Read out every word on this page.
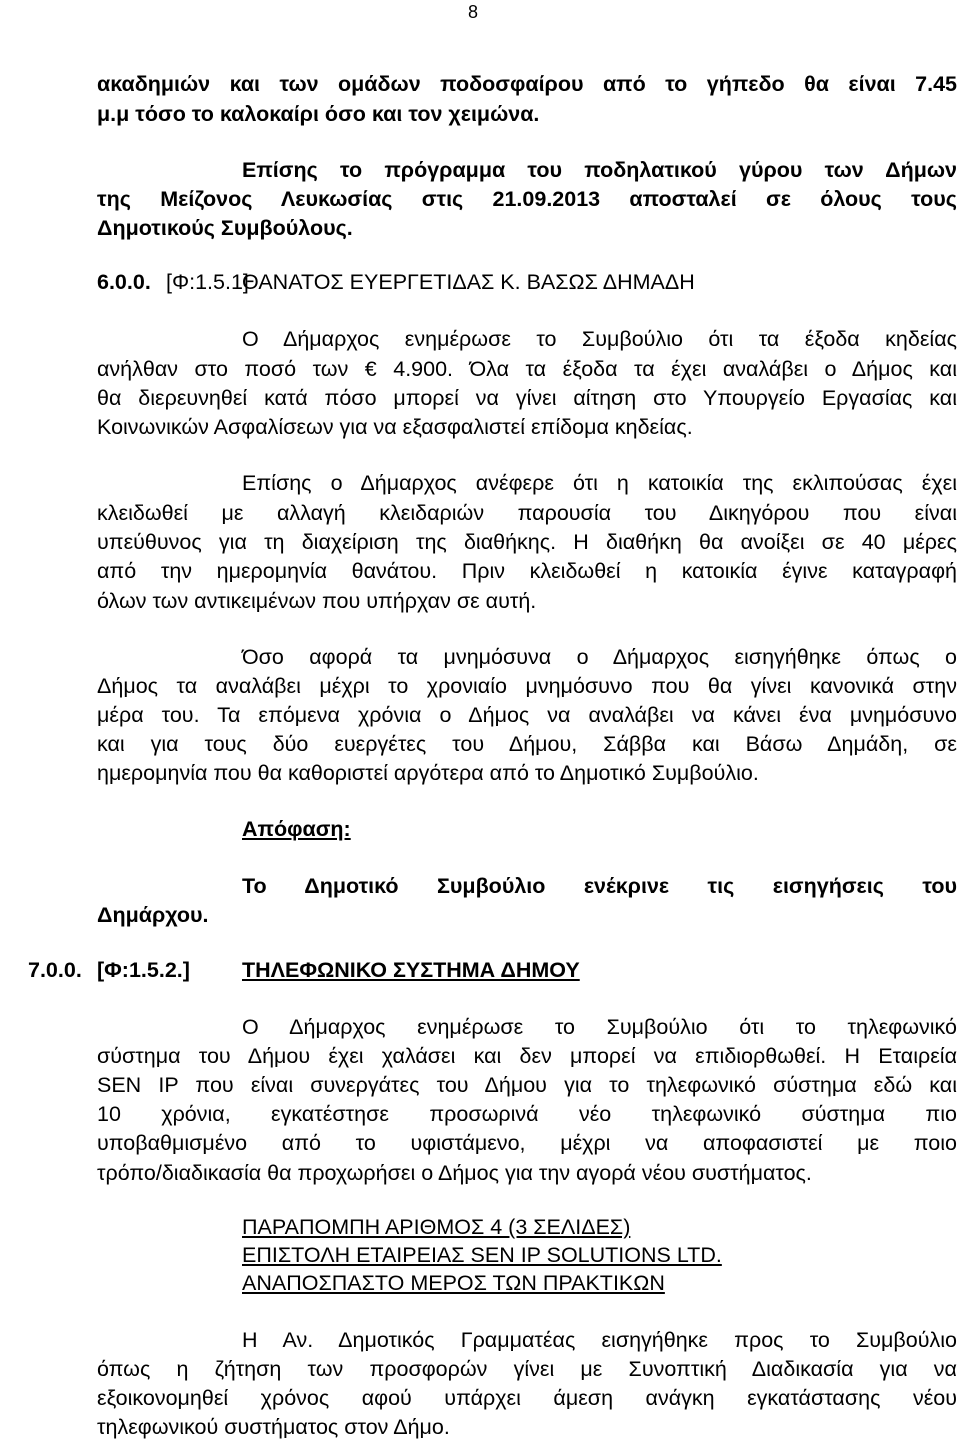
8
ακαδημιών και των ομάδων ποδοσφαίρου από το γήπεδο θα είναι 7.45
μ.μ τόσο το καλοκαίρι όσο και τον χειμώνα.
Επίσης το πρόγραμμα του ποδηλατικού γύρου των Δήμων
της Μείζονος Λευκωσίας στις 21.09.2013 αποσταλεί σε όλους τους
Δημοτικούς Συμβούλους.
6.0.0. [Φ:1.5.1]
ΘΑΝΑΤΟΣ ΕΥΕΡΓΕΤΙΔΑΣ Κ. ΒΑΣΩΣ ΔΗΜΑΔΗ
Ο Δήμαρχος ενημέρωσε το Συμβούλιο ότι τα έξοδα κηδείας
ανήλθαν στο ποσό των € 4.900. Όλα τα έξοδα τα έχει αναλάβει ο Δήμος και
θα διερευνηθεί κατά πόσο μπορεί να γίνει αίτηση στο Υπουργείο Εργασίας και
Κοινωνικών Ασφαλίσεων για να εξασφαλιστεί επίδομα κηδείας.
Επίσης ο Δήμαρχος ανέφερε ότι η κατοικία της εκλιπούσας έχει
κλειδωθεί με αλλαγή κλειδαριών παρουσία του Δικηγόρου που είναι
υπεύθυνος για τη διαχείριση της διαθήκης. Η διαθήκη θα ανοίξει σε 40 μέρες
από την ημερομηνία θανάτου. Πριν κλειδωθεί η κατοικία έγινε καταγραφή
όλων των αντικειμένων που υπήρχαν σε αυτή.
Όσο αφορά τα μνημόσυνα ο Δήμαρχος εισηγήθηκε όπως ο
Δήμος τα αναλάβει μέχρι το χρονιαίο μνημόσυνο που θα γίνει κανονικά στην
μέρα του. Τα επόμενα χρόνια ο Δήμος να αναλάβει να κάνει ένα μνημόσυνο
και για τους δύο ευεργέτες του Δήμου, Σάββα και Βάσω Δημάδη, σε
ημερομηνία που θα καθοριστεί αργότερα από το Δημοτικό Συμβούλιο.
Απόφαση:
Το Δημοτικό Συμβούλιο ενέκρινε τις εισηγήσεις του
Δημάρχου.
7.0.0. [Φ:1.5.2.] ΤΗΛΕΦΩΝΙΚΟ ΣΥΣΤΗΜΑ ΔΗΜΟΥ
Ο Δήμαρχος ενημέρωσε το Συμβούλιο ότι το τηλεφωνικό
σύστημα του Δήμου έχει χαλάσει και δεν μπορεί να επιδιορθωθεί. Η Εταιρεία
SEN IP που είναι συνεργάτες του Δήμου για το τηλεφωνικό σύστημα εδώ και
10 χρόνια, εγκατέστησε προσωρινά νέο τηλεφωνικό σύστημα πιο
υποβαθμισμένο από το υφιστάμενο, μέχρι να αποφασιστεί με ποιο
τρόπο/διαδικασία θα προχωρήσει ο Δήμος για την αγορά νέου συστήματος.
ΠΑΡΑΠΟΜΠΗ ΑΡΙΘΜΟΣ 4 (3 ΣΕΛΙΔΕΣ)
ΕΠΙΣΤΟΛΗ ΕΤΑΙΡΕΙΑΣ SEN IP SOLUTIONS LTD.
ΑΝΑΠΟΣΠΑΣΤΟ ΜΕΡΟΣ ΤΩΝ ΠΡΑΚΤΙΚΩΝ
Η Αν. Δημοτικός Γραμματέας εισηγήθηκε προς το Συμβούλιο
όπως η ζήτηση των προσφορών γίνει με Συνοπτική Διαδικασία για να
εξοικονομηθεί χρόνος αφού υπάρχει άμεση ανάγκη εγκατάστασης νέου
τηλεφωνικού συστήματος στον Δήμο.
